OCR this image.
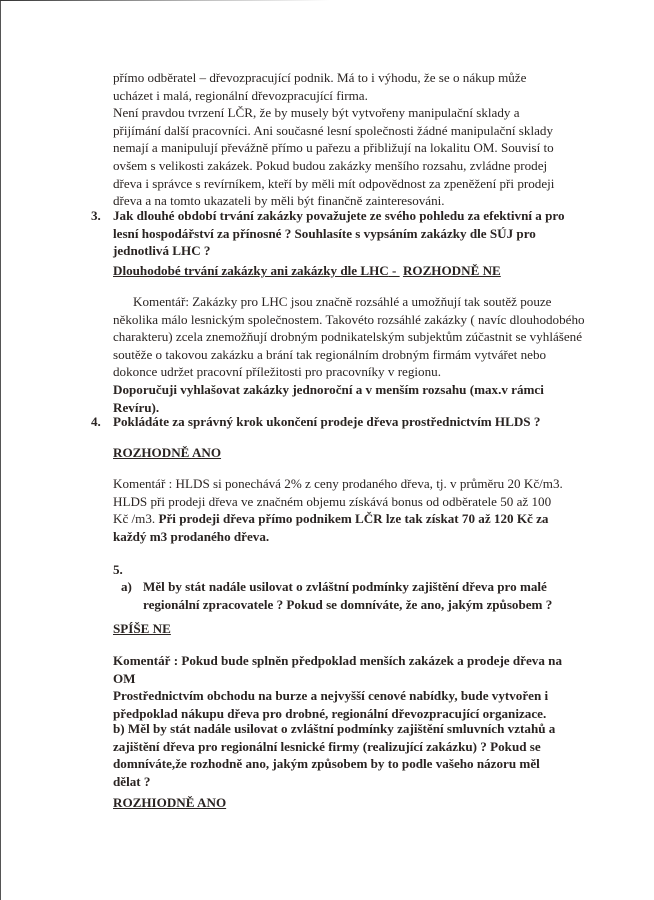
přímo odběratel – dřevozpracující podnik. Má to i výhodu, že se o nákup může
ucházet i malá, regionální dřevozpracující firma.
Není pravdou tvrzení LČR, že by musely být vytvořeny manipulační sklady a
přijímání další pracovníci. Ani současné lesní společnosti žádné manipulační sklady
nemají a manipulují převážně přímo u pařezu a přibližují na lokalitu OM. Souvisí to
ovšem s velikosti zakázek. Pokud budou zakázky menšího rozsahu, zvládne prodej
dřeva i správce s revírníkem, kteří by měli mít odpovědnost za zpeněžení při prodeji
dřeva a na tomto ukazateli by měli být finančně zainteresováni.
3. Jak dlouhé období trvání zakázky považujete ze svého pohledu za efektivní a pro
lesní hospodářství za přínosné ? Souhlasíte s vypsáním zakázky dle SÚJ pro
jednotlivá LHC ?
Dlouhodobé trvání zakázky ani zakázky dle LHC -  ROZHODNĚ NE
Komentář: Zakázky pro LHC jsou značně rozsáhlé a umožňují tak soutěž pouze
několika málo lesnickým společnostem. Takovéto rozsáhlé zakázky ( navíc dlouhodobého
charakteru) zcela znemožňují drobným podnikatelským subjektům zúčastnit se vyhlášené
soutěže o takovou zakázku a brání tak regionálním drobným firmám vytvářet nebo
dokonce udržet pracovní příležitosti pro pracovníky v regionu.
Doporučuji vyhlašovat zakázky jednoroční a v menším rozsahu (max.v rámci
Revíru).
4. Pokládáte za správný krok ukončení prodeje dřeva prostřednictvím HLDS ?
ROZHODNĚ ANO
Komentář : HLDS si ponechává 2% z ceny prodaného dřeva, tj. v průměru 20 Kč/m3.
HLDS při prodeji dřeva ve značném objemu získává bonus od odběratele 50 až 100
Kč /m3. Při prodeji dřeva přímo podnikem LČR lze tak získat 70 až 120 Kč za
každý m3 prodaného dřeva.
5.
a) Měl by stát nadále usilovat o zvláštní podmínky zajištění dřeva pro malé
regionální zpracovatele ? Pokud se domníváte, že ano, jakým způsobem ?
SPÍŠE NE
Komentář : Pokud bude splněn předpoklad menších zakázek a prodeje dřeva na
OM
Prostřednictvím obchodu na burze a nejvyšší cenové nabídky, bude vytvořen i
předpoklad nákupu dřeva pro drobné, regionální dřevozpracující organizace.
b) Měl by stát nadále usilovat o zvláštní podmínky zajištění smluvních vztahů a
zajištění dřeva pro regionální lesnické firmy (realizující zakázku) ? Pokud se
domníváte,že rozhodně ano, jakým způsobem by to podle vašeho názoru měl
dělat ?
ROZHIODNĚ ANO
